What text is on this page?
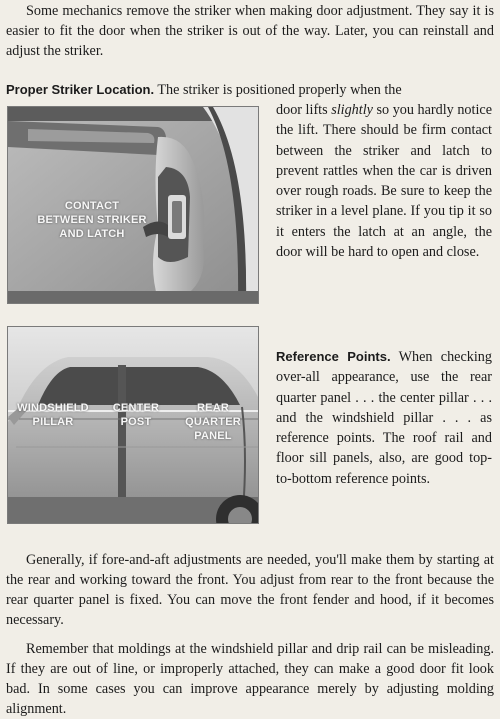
Some mechanics remove the striker when making door adjustment. They say it is easier to fit the door when the striker is out of the way. Later, you can reinstall and adjust the striker.

Proper Striker Location. The striker is positioned properly when the

CONTACT
BETWEEN STRIKER
AND LATCH

door lifts slightly so you hardly notice the lift. There should be firm contact between the striker and latch to prevent rattles when the car is driven over rough roads. Be sure to keep the striker in a level plane. If you tip it so it enters the latch at an angle, the door will be hard to open and close.

WINDSHIELD
PILLAR
CENTER
POST
REAR QUARTER
PANEL

Reference Points. When checking over-all appearance, use the rear quarter panel . . . the center pillar . . . and the windshield pillar . . . as reference points. The roof rail and floor sill panels, also, are good top-to-bottom reference points.

Generally, if fore-and-aft adjustments are needed, you'll make them by starting at the rear and working toward the front. You adjust from rear to the front because the rear quarter panel is fixed. You can move the front fender and hood, if it becomes necessary.

Remember that moldings at the windshield pillar and drip rail can be misleading. If they are out of line, or improperly attached, they can make a good door fit look bad. In some cases you can improve appearance merely by adjusting molding alignment.
